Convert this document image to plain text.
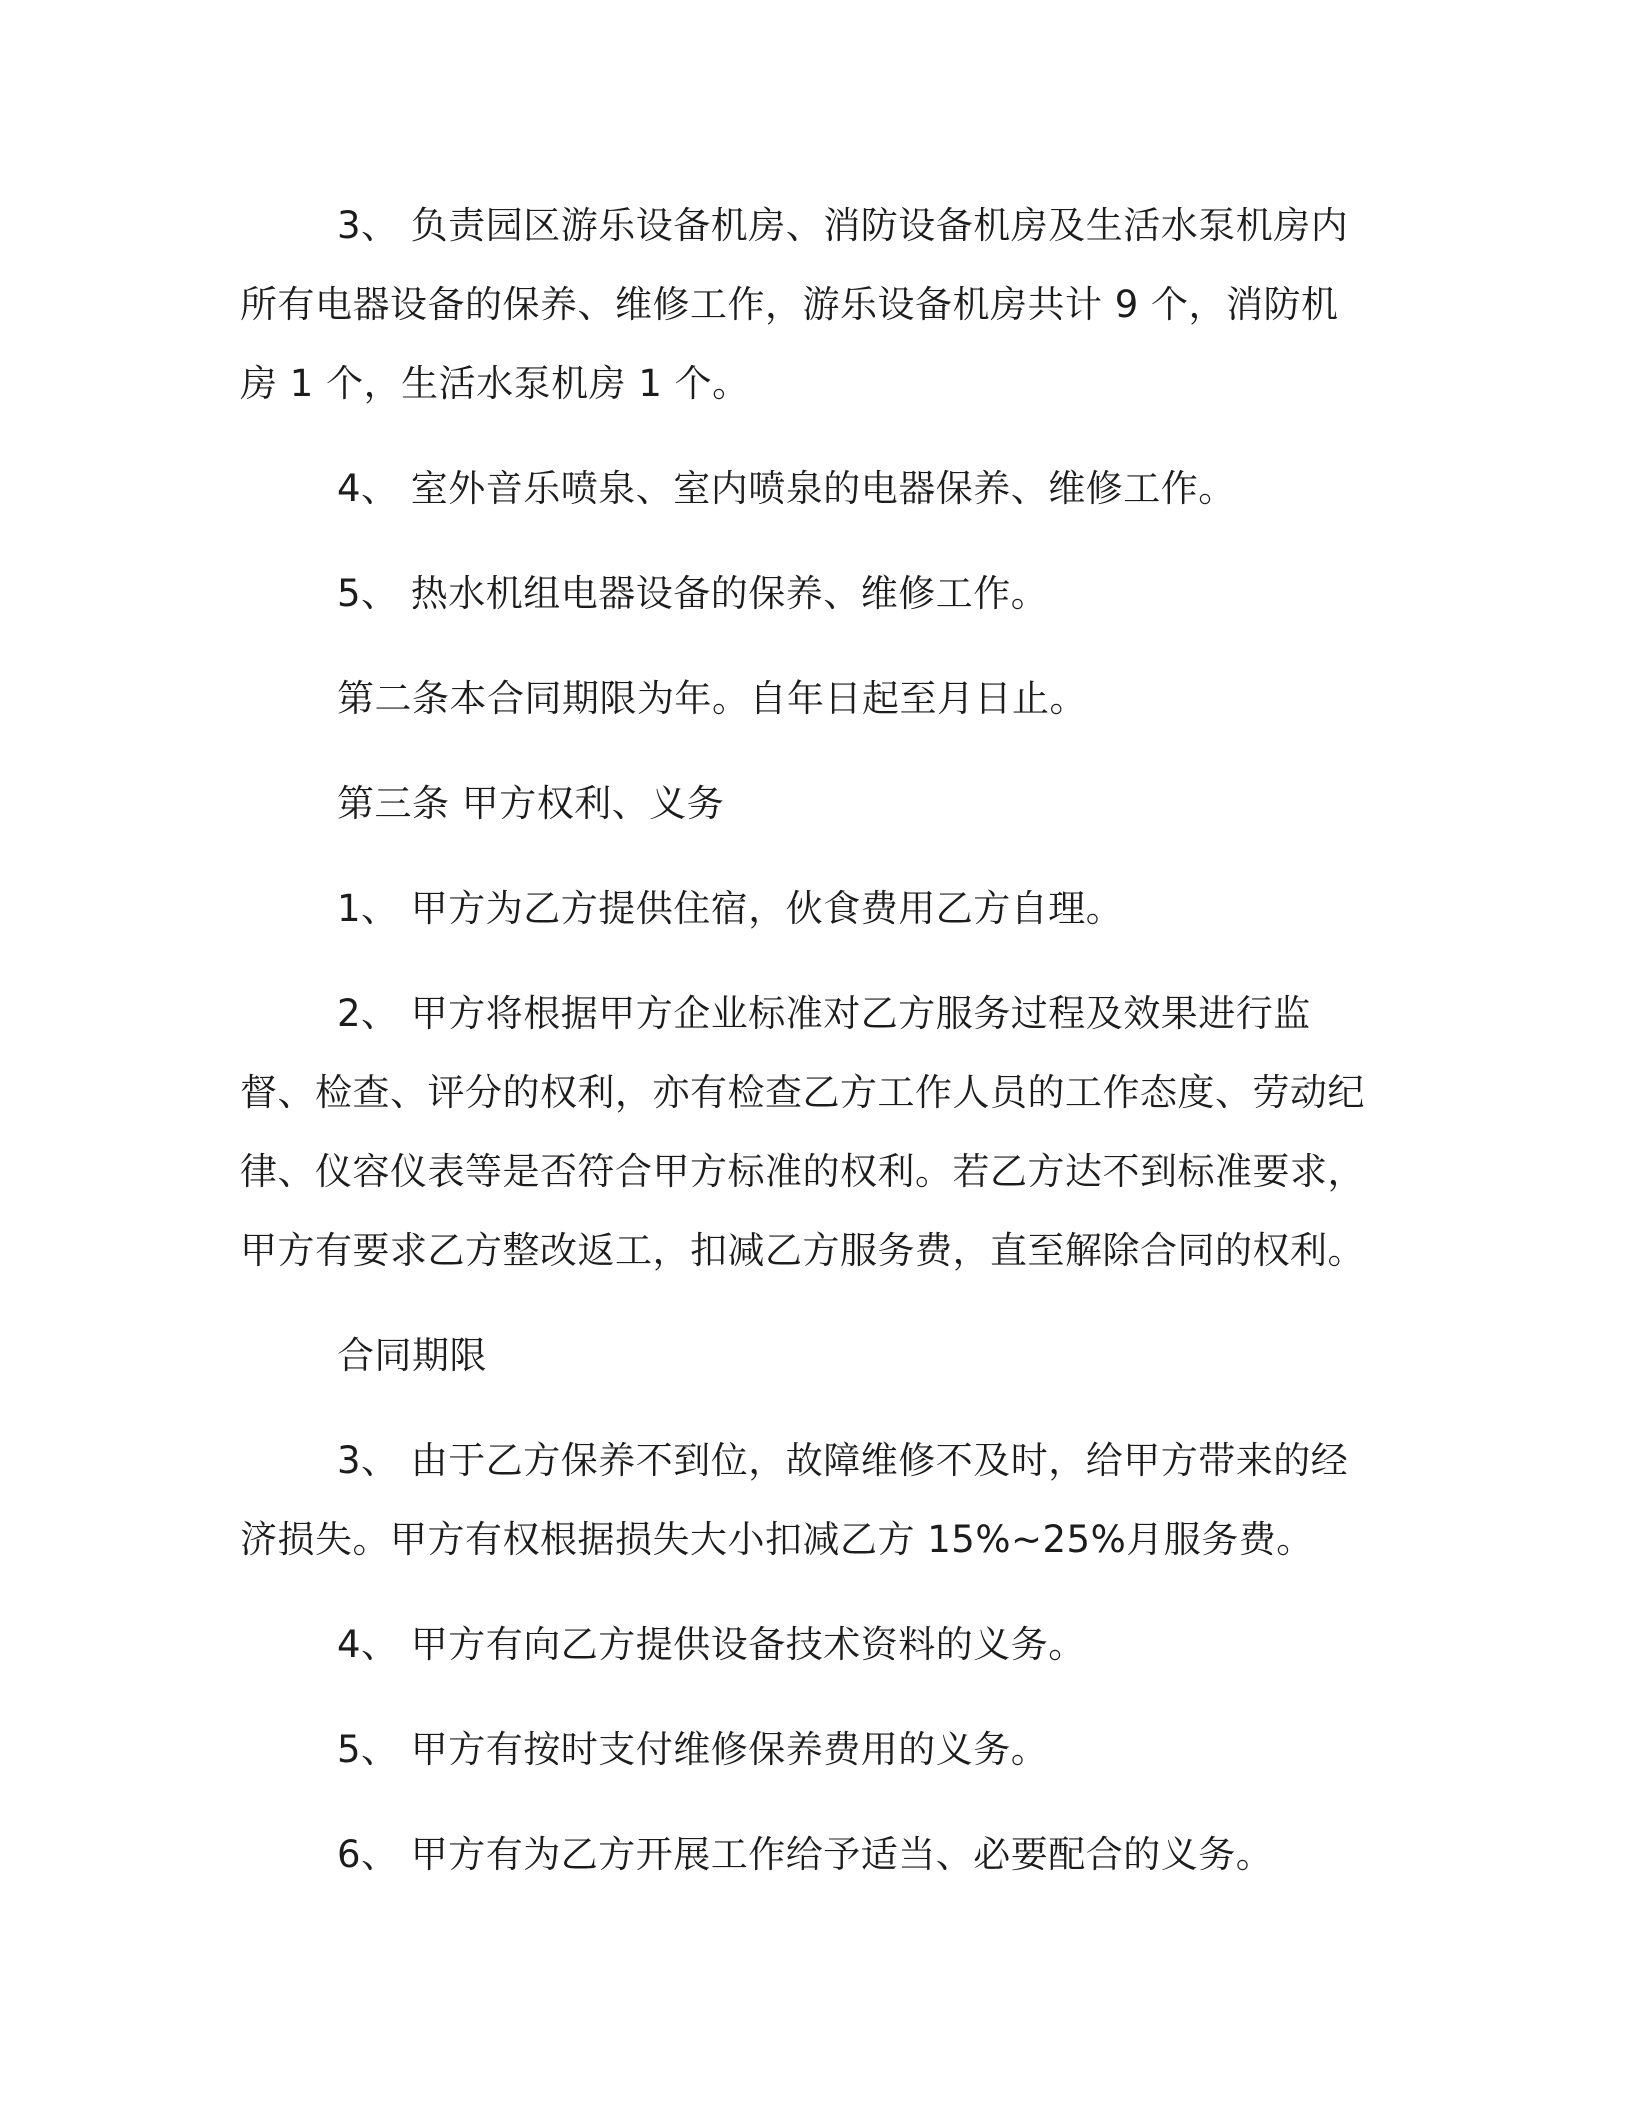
3、 负责园区游乐设备机房、消防设备机房及生活水泵机房内所有电器设备的保养、维修工作，游乐设备机房共计 9 个，消防机房 1 个，生活水泵机房 1 个。

4、 室外音乐喷泉、室内喷泉的电器保养、维修工作。

5、 热水机组电器设备的保养、维修工作。

第二条本合同期限为年。自年日起至月日止。

第三条 甲方权利、义务

1、 甲方为乙方提供住宿，伙食费用乙方自理。

2、 甲方将根据甲方企业标准对乙方服务过程及效果进行监督、检查、评分的权利，亦有检查乙方工作人员的工作态度、劳动纪律、仪容仪表等是否符合甲方标准的权利。若乙方达不到标准要求，甲方有要求乙方整改返工，扣减乙方服务费，直至解除合同的权利。

合同期限

3、 由于乙方保养不到位，故障维修不及时，给甲方带来的经济损失。甲方有权根据损失大小扣减乙方 15%~25%月服务费。

4、 甲方有向乙方提供设备技术资料的义务。

5、 甲方有按时支付维修保养费用的义务。

6、 甲方有为乙方开展工作给予适当、必要配合的义务。
